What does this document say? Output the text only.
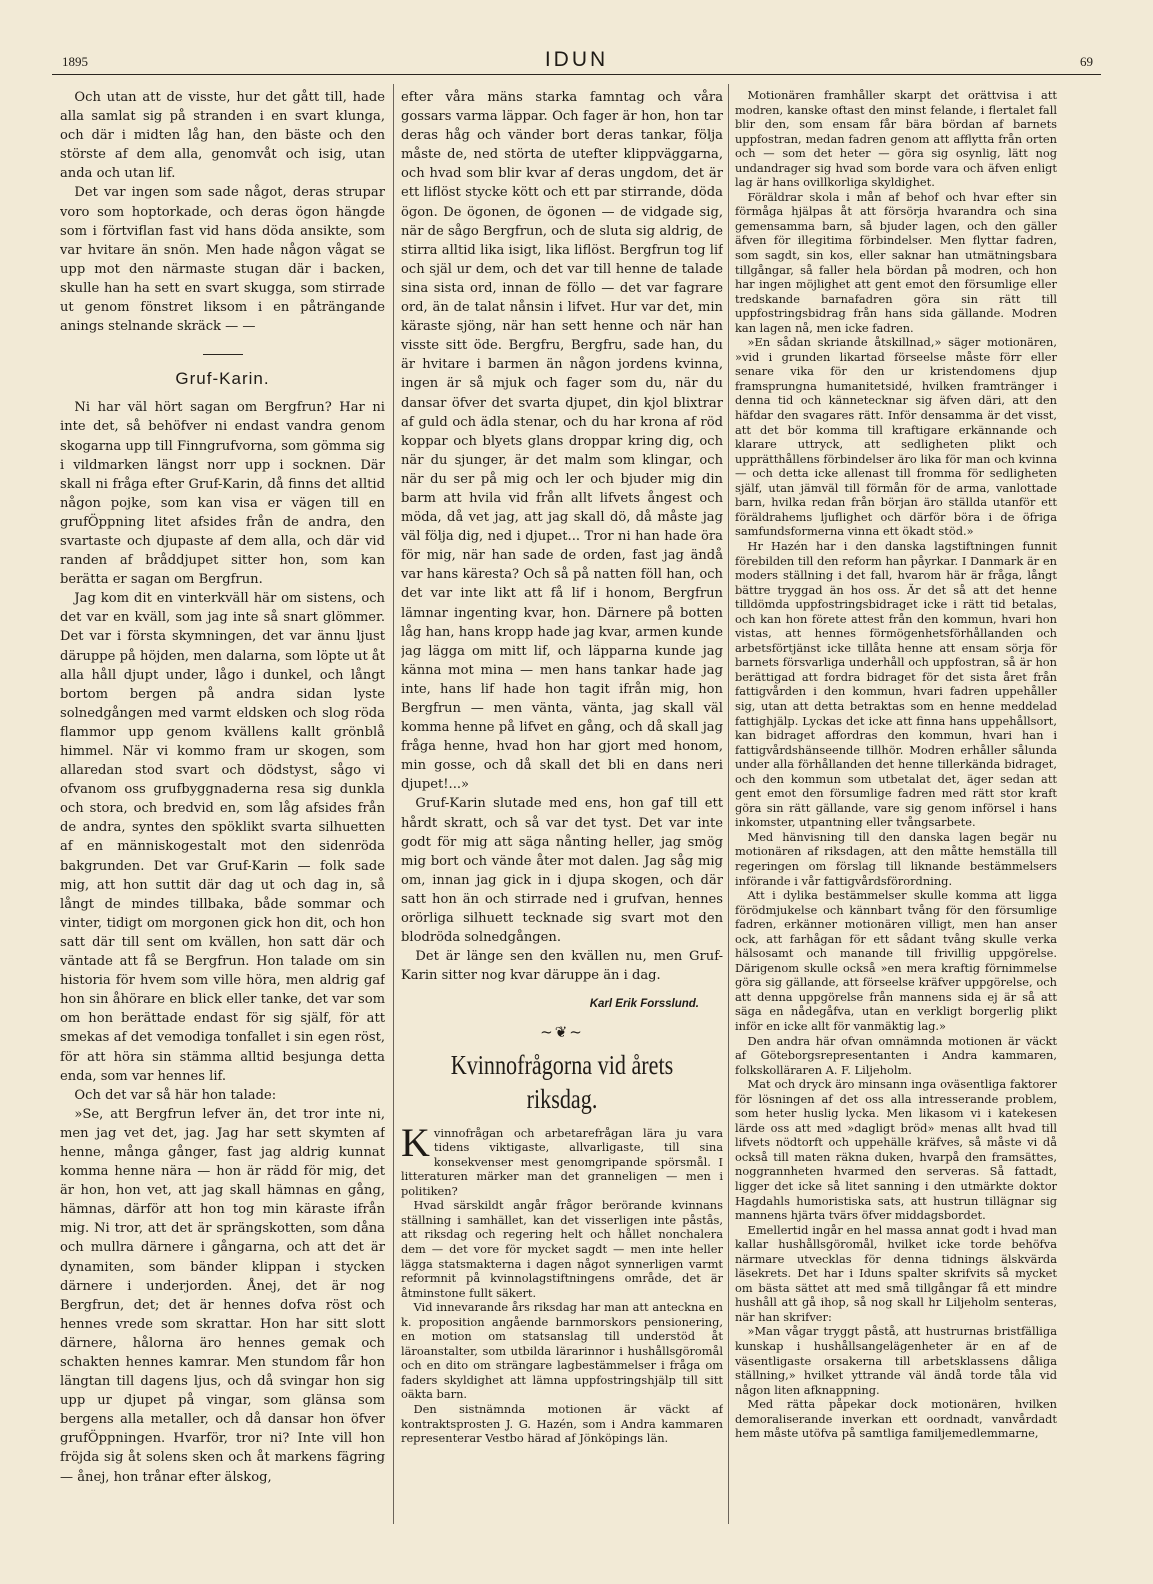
1895	IDUN	69

Och utan att de visste, hur det gått till, hade alla samlat sig på stranden i en svart klunga, och där i midten låg han, den bäste och den störste af dem alla, genomvåt och isig, utan anda och utan lif.

Det var ingen som sade något, deras strupar voro som hoptorkade, och deras ögon hängde som i förtviflan fast vid hans döda ansikte, som var hvitare än snön. Men hade någon vågat se upp mot den närmaste stugan där i backen, skulle han ha sett en svart skugga, som stirrade ut genom fönstret liksom i en påträngande anings stelnande skräck — —

Gruf-Karin.

Ni har väl hört sagan om Bergfrun? Har ni inte det, så behöfver ni endast vandra genom skogarna upp till Finngrufvorna, som gömma sig i vildmarken längst norr upp i socknen. Där skall ni fråga efter Gruf-Karin, då finns det alltid någon pojke, som kan visa er vägen till en grufÖppning litet afsides från de andra, den svartaste och djupaste af dem alla, och där vid randen af bråddjupet sitter hon, som kan berätta er sagan om Bergfrun.

Jag kom dit en vinterkväll här om sistens, och det var en kväll, som jag inte så snart glömmer. Det var i första skymningen, det var ännu ljust däruppe på höjden, men dalarna, som löpte ut åt alla håll djupt under, lågo i dunkel, och långt bortom bergen på andra sidan lyste solnedgången med varmt eldsken och slog röda flammor upp genom kvällens kallt grönblå himmel. När vi kommo fram ur skogen, som allaredan stod svart och dödstyst, sågo vi ofvanom oss grufbyggnaderna resa sig dunkla och stora, och bredvid en, som låg afsides från de andra, syntes den spöklikt svarta silhuetten af en människogestalt mot den sidenröda bakgrunden. Det var Gruf-Karin — folk sade mig, att hon suttit där dag ut och dag in, så långt de mindes tillbaka, både sommar och vinter, tidigt om morgonen gick hon dit, och hon satt där till sent om kvällen, hon satt där och väntade att få se Bergfrun. Hon talade om sin historia för hvem som ville höra, men aldrig gaf hon sin åhörare en blick eller tanke, det var som om hon berättade endast för sig själf, för att smekas af det vemodiga tonfallet i sin egen röst, för att höra sin stämma alltid besjunga detta enda, som var hennes lif.

Och det var så här hon talade:

»Se, att Bergfrun lefver än, det tror inte ni, men jag vet det, jag. Jag har sett skymten af henne, många gånger, fast jag aldrig kunnat komma henne nära — hon är rädd för mig, det är hon, hon vet, att jag skall hämnas en gång, hämnas, därför att hon tog min käraste ifrån mig. Ni tror, att det är sprängskotten, som dåna och mullra därnere i gångarna, och att det är dynamiten, som bänder klippan i stycken därnere i underjorden. Ånej, det är nog Bergfrun, det; det är hennes dofva röst och hennes vrede som skrattar. Hon har sitt slott därnere, hålorna äro hennes gemak och schakten hennes kamrar. Men stundom får hon längtan till dagens ljus, och då svingar hon sig upp ur djupet på vingar, som glänsa som bergens alla metaller, och då dansar hon öfver grufÖppningen. Hvarför, tror ni? Inte vill hon fröjda sig åt solens sken och åt markens fägring — ånej, hon trånar efter älskog,

efter våra mäns starka famntag och våra gossars varma läppar. Och fager är hon, hon tar deras håg och vänder bort deras tankar, följa måste de, ned störta de utefter klippväggarna, och hvad som blir kvar af deras ungdom, det är ett liflöst stycke kött och ett par stirrande, döda ögon. De ögonen, de ögonen — de vidgade sig, när de sågo Bergfrun, och de sluta sig aldrig, de stirra alltid lika isigt, lika liflöst. Bergfrun tog lif och själ ur dem, och det var till henne de talade sina sista ord, innan de föllo — det var fagrare ord, än de talat nånsin i lifvet. Hur var det, min käraste sjöng, när han sett henne och när han visste sitt öde. Bergfru, Bergfru, sade han, du är hvitare i barmen än någon jordens kvinna, ingen är så mjuk och fager som du, när du dansar öfver det svarta djupet, din kjol blixtrar af guld och ädla stenar, och du har krona af röd koppar och blyets glans droppar kring dig, och när du sjunger, är det malm som klingar, och när du ser på mig och ler och bjuder mig din barm att hvila vid från allt lifvets ångest och möda, då vet jag, att jag skall dö, då måste jag väl följa dig, ned i djupet... Tror ni han hade öra för mig, när han sade de orden, fast jag ändå var hans käresta? Och så på natten föll han, och det var inte likt att få lif i honom, Bergfrun lämnar ingenting kvar, hon. Därnere på botten låg han, hans kropp hade jag kvar, armen kunde jag lägga om mitt lif, och läpparna kunde jag känna mot mina — men hans tankar hade jag inte, hans lif hade hon tagit ifrån mig, hon Bergfrun — men vänta, vänta, jag skall väl komma henne på lifvet en gång, och då skall jag fråga henne, hvad hon har gjort med honom, min gosse, och då skall det bli en dans neri djupet!...»

Gruf-Karin slutade med ens, hon gaf till ett hårdt skratt, och så var det tyst. Det var inte godt för mig att säga nånting heller, jag smög mig bort och vände åter mot dalen. Jag såg mig om, innan jag gick in i djupa skogen, och där satt hon än och stirrade ned i grufvan, hennes orörliga silhuett tecknade sig svart mot den blodröda solnedgången.

Det är länge sen den kvällen nu, men Gruf-Karin sitter nog kvar däruppe än i dag.

Karl Erik Forsslund.
~❦~
Kvinnofrågorna vid årets riksdag.

Kvinnofrågan och arbetarefrågan lära ju vara tidens viktigaste, allvarligaste, till sina konsekvenser mest genomgripande spörsmål. I litteraturen märker man det granneligen — men i politiken?

Hvad särskildt angår frågor berörande kvinnans ställning i samhället, kan det visserligen inte påstås, att riksdag och regering helt och hållet nonchalera dem — det vore för mycket sagdt — men inte heller lägga statsmakterna i dagen något synnerligen varmt reformnit på kvinnolagstiftningens område, det är åtminstone fullt säkert.

Vid innevarande års riksdag har man att anteckna en k. proposition angående barnmorskors pensionering, en motion om statsanslag till understöd åt läroanstalter, som utbilda lärarinnor i hushållsgöromål och en dito om strängare lagbestämmelser i fråga om faders skyldighet att lämna uppfostringshjälp till sitt oäkta barn.

Den sistnämnda motionen är väckt af kontraktsprosten J. G. Hazén, som i Andra kammaren representerar Vestbo härad af Jönköpings län.

Motionären framhåller skarpt det orättvisa i att modren, kanske oftast den minst felande, i flertalet fall blir den, som ensam får bära bördan af barnets uppfostran, medan fadren genom att afflytta från orten och — som det heter — göra sig osynlig, lätt nog undandrager sig hvad som borde vara och äfven enligt lag är hans ovillkorliga skyldighet.

Föräldrar skola i mån af behof och hvar efter sin förmåga hjälpas åt att försörja hvarandra och sina gemensamma barn, så bjuder lagen, och den gäller äfven för illegitima förbindelser. Men flyttar fadren, som sagdt, sin kos, eller saknar han utmätningsbara tillgångar, så faller hela bördan på modren, och hon har ingen möjlighet att gent emot den försumlige eller tredskande barnafadren göra sin rätt till uppfostringsbidrag från hans sida gällande. Modren kan lagen nå, men icke fadren.

»En sådan skriande åtskillnad,» säger motionären, »vid i grunden likartad förseelse måste förr eller senare vika för den ur kristendomens djup framsprungna humanitetsidé, hvilken framtränger i denna tid och kännetecknar sig äfven däri, att den häfdar den svagares rätt. Inför densamma är det visst, att det bör komma till kraftigare erkännande och klarare uttryck, att sedligheten plikt och upprätthållens förbindelser äro lika för man och kvinna — och detta icke allenast till fromma för sedligheten själf, utan jämväl till förmån för de arma, vanlottade barn, hvilka redan från början äro ställda utanför ett föräldrahems ljuflighet och därför böra i de öfriga samfundsformerna vinna ett ökadt stöd.»

Hr Hazén har i den danska lagstiftningen funnit förebilden till den reform han påyrkar. I Danmark är en moders ställning i det fall, hvarom här är fråga, långt bättre tryggad än hos oss. Är det så att det henne tilldömda uppfostringsbidraget icke i rätt tid betalas, och kan hon förete attest från den kommun, hvari hon vistas, att hennes förmögenhetsförhållanden och arbetsförtjänst icke tillåta henne att ensam sörja för barnets försvarliga underhåll och uppfostran, så är hon berättigad att fordra bidraget för det sista året från fattigvården i den kommun, hvari fadren uppehåller sig, utan att detta betraktas som en henne meddelad fattighjälp. Lyckas det icke att finna hans uppehållsort, kan bidraget affordras den kommun, hvari han i fattigvårdshänseende tillhör. Modren erhåller sålunda under alla förhållanden det henne tillerkända bidraget, och den kommun som utbetalat det, äger sedan att gent emot den försumlige fadren med rätt stor kraft göra sin rätt gällande, vare sig genom införsel i hans inkomster, utpantning eller tvångsarbete.

Med hänvisning till den danska lagen begär nu motionären af riksdagen, att den måtte hemställa till regeringen om förslag till liknande bestämmelsers införande i vår fattigvårdsförordning.

Att i dylika bestämmelser skulle komma att ligga förödmjukelse och kännbart tvång för den försumlige fadren, erkänner motionären villigt, men han anser ock, att farhågan för ett sådant tvång skulle verka hälsosamt och manande till frivillig uppgörelse. Därigenom skulle också »en mera kraftig förnimmelse göra sig gällande, att förseelse kräfver uppgörelse, och att denna uppgörelse från mannens sida ej är så att säga en nådegåfva, utan en verkligt borgerlig plikt inför en icke allt för vanmäktig lag.»

Den andra här ofvan omnämnda motionen är väckt af Göteborgsrepresentanten i Andra kammaren, folkskolläraren A. F. Liljeholm.

Mat och dryck äro minsann inga oväsentliga faktorer för lösningen af det oss alla intresserande problem, som heter huslig lycka. Men likasom vi i katekesen lärde oss att med »dagligt bröd» menas allt hvad till lifvets nödtorft och uppehälle kräfves, så måste vi då också till maten räkna duken, hvarpå den framsättes, noggrannheten hvarmed den serveras. Så fattadt, ligger det icke så litet sanning i den utmärkte doktor Hagdahls humoristiska sats, att hustrun tillägnar sig mannens hjärta tvärs öfver middagsbordet.

Emellertid ingår en hel massa annat godt i hvad man kallar hushållsgöromål, hvilket icke torde behöfva närmare utvecklas för denna tidnings älskvärda läsekrets. Det har i Iduns spalter skrifvits så mycket om bästa sättet att med små tillgångar få ett mindre hushåll att gå ihop, så nog skall hr Liljeholm senteras, när han skrifver:

»Man vågar tryggt påstå, att hustrurnas bristfälliga kunskap i hushållsangelägenheter är en af de väsentligaste orsakerna till arbetsklassens dåliga ställning,» hvilket yttrande väl ändå torde tåla vid någon liten afknappning.

Med rätta påpekar dock motionären, hvilken demoraliserande inverkan ett oordnadt, vanvårdadt hem måste utöfva på samtliga familjemedlemmarne,
